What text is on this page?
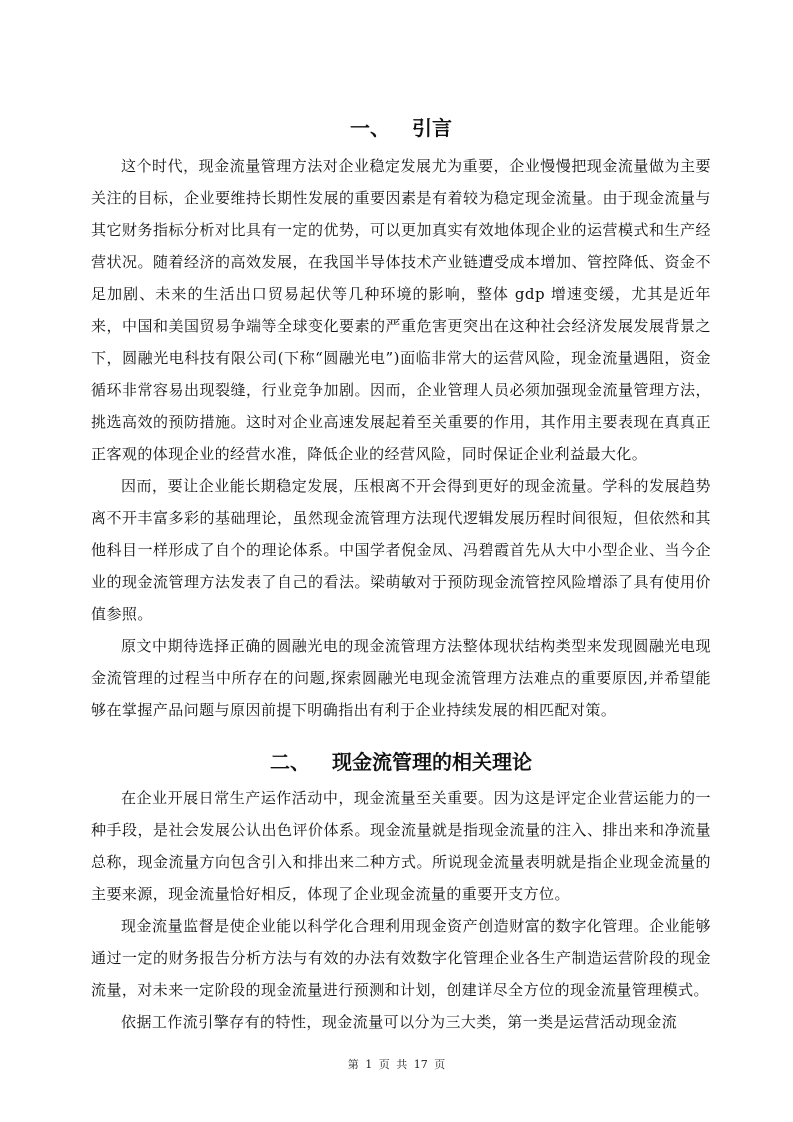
一、 引言

这个时代，现金流量管理方法对企业稳定发展尤为重要，企业慢慢把现金流量做为主要关注的目标，企业要维持长期性发展的重要因素是有着较为稳定现金流量。由于现金流量与其它财务指标分析对比具有一定的优势，可以更加真实有效地体现企业的运营模式和生产经营状况。随着经济的高效发展，在我国半导体技术产业链遭受成本增加、管控降低、资金不足加剧、未来的生活出口贸易起伏等几种环境的影响，整体 gdp 增速变缓，尤其是近年来，中国和美国贸易争端等全球变化要素的严重危害更突出在这种社会经济发展发展背景之下，圆融光电科技有限公司(下称“圆融光电”)面临非常大的运营风险，现金流量遇阻，资金循环非常容易出现裂缝，行业竞争加剧。因而，企业管理人员必须加强现金流量管理方法，挑选高效的预防措施。这时对企业高速发展起着至关重要的作用，其作用主要表现在真真正正客观的体现企业的经营水准，降低企业的经营风险，同时保证企业利益最大化。

因而，要让企业能长期稳定发展，压根离不开会得到更好的现金流量。学科的发展趋势离不开丰富多彩的基础理论，虽然现金流管理方法现代逻辑发展历程时间很短，但依然和其他科目一样形成了自个的理论体系。中国学者倪金凤、冯碧霞首先从大中小型企业、当今企业的现金流管理方法发表了自己的看法。梁萌敏对于预防现金流管控风险增添了具有使用价值参照。

原文中期待选择正确的圆融光电的现金流管理方法整体现状结构类型来发现圆融光电现金流管理的过程当中所存在的问题,探索圆融光电现金流管理方法难点的重要原因,并希望能够在掌握产品问题与原因前提下明确指出有利于企业持续发展的相匹配对策。

二、 现金流管理的相关理论

在企业开展日常生产运作活动中，现金流量至关重要。因为这是评定企业营运能力的一种手段，是社会发展公认出色评价体系。现金流量就是指现金流量的注入、排出来和净流量总称，现金流量方向包含引入和排出来二种方式。所说现金流量表明就是指企业现金流量的主要来源，现金流量恰好相反，体现了企业现金流量的重要开支方位。

现金流量监督是使企业能以科学化合理利用现金资产创造财富的数字化管理。企业能够通过一定的财务报告分析方法与有效的办法有效数字化管理企业各生产制造运营阶段的现金流量，对未来一定阶段的现金流量进行预测和计划，创建详尽全方位的现金流量管理模式。

依据工作流引擎存有的特性，现金流量可以分为三大类，第一类是运营活动现金流

第 1 页 共 17 页
